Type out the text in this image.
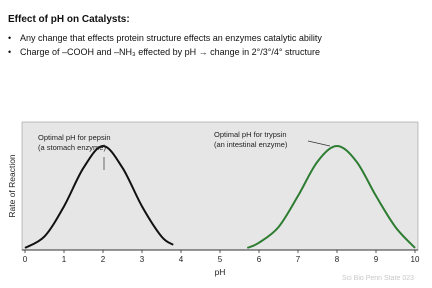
Effect of pH on Catalysts:
• Any change that effects protein structure effects an enzymes catalytic ability
• Charge of –COOH and –NH₃ effected by pH → change in 2°/3°/4° structure
0	1	2	3	4	5	6	7	8	9	10
pH
Rate of Reaction
Optimal pH for pepsin
(a stomach enzyme)
Optimal pH for trypsin
(an intestinal enzyme)
Sci Bio Penn State 023
